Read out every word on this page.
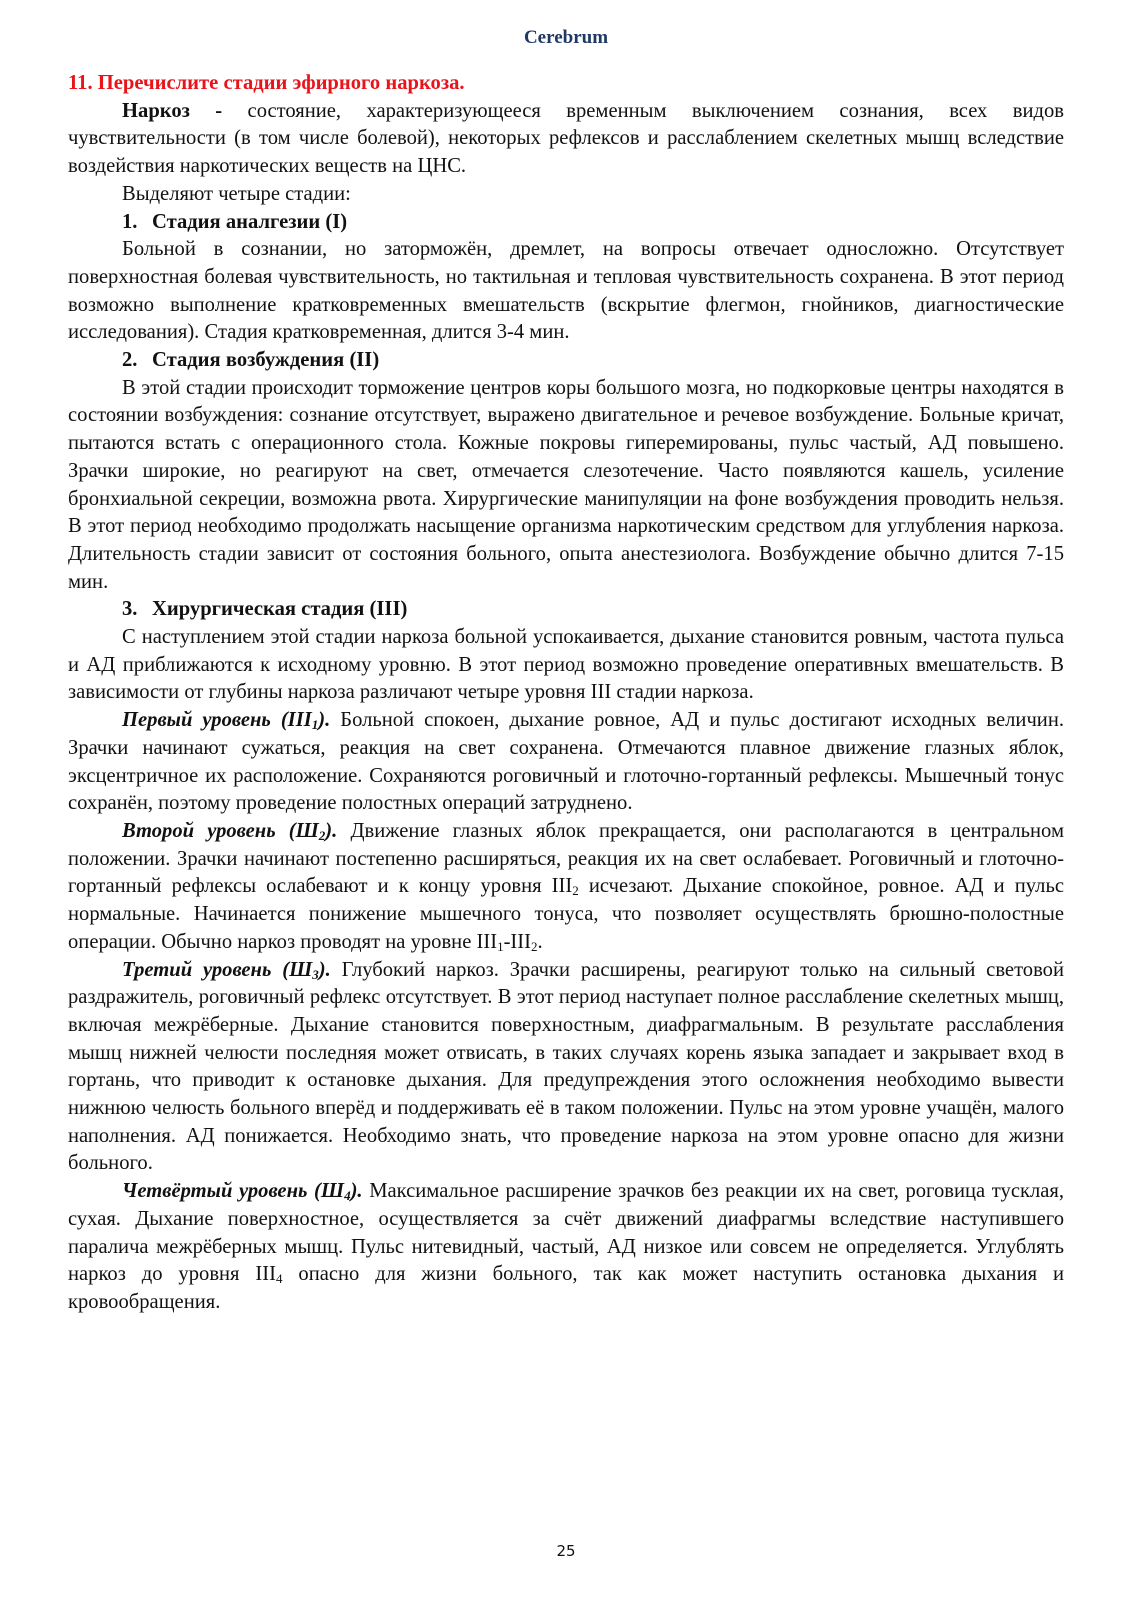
Cerebrum
11. Перечислите стадии эфирного наркоза.

Наркоз - состояние, характеризующееся временным выключением сознания, всех видов чувствительности (в том числе болевой), некоторых рефлексов и расслаблением скелетных мышц вследствие воздействия наркотических веществ на ЦНС.

Выделяют четыре стадии:

1. Стадия аналгезии (I)

Больной в сознании, но заторможён, дремлет, на вопросы отвечает односложно. Отсутствует поверхностная болевая чувствительность, но тактильная и тепловая чувствительность сохранена. В этот период возможно выполнение кратковременных вмешательств (вскрытие флегмон, гнойников, диагностические исследования). Стадия кратковременная, длится 3-4 мин.

2. Стадия возбуждения (II)

В этой стадии происходит торможение центров коры большого мозга, но подкорковые центры находятся в состоянии возбуждения: сознание отсутствует, выражено двигательное и речевое возбуждение. Больные кричат, пытаются встать с операционного стола. Кожные покровы гиперемированы, пульс частый, АД повышено. Зрачки широкие, но реагируют на свет, отмечается слезотечение. Часто появляются кашель, усиление бронхиальной секреции, возможна рвота. Хирургические манипуляции на фоне возбуждения проводить нельзя. В этот период необходимо продолжать насыщение организма наркотическим средством для углубления наркоза. Длительность стадии зависит от состояния больного, опыта анестезиолога. Возбуждение обычно длится 7-15 мин.

3. Хирургическая стадия (III)

С наступлением этой стадии наркоза больной успокаивается, дыхание становится ровным, частота пульса и АД приближаются к исходному уровню. В этот период возможно проведение оперативных вмешательств. В зависимости от глубины наркоза различают четыре уровня III стадии наркоза.

Первый уровень $(III_1)$. Больной спокоен, дыхание ровное, АД и пульс достигают исходных величин. Зрачки начинают сужаться, реакция на свет сохранена. Отмечаются плавное движение глазных яблок, эксцентричное их расположение. Сохраняются роговичный и глоточно-гортанный рефлексы. Мышечный тонус сохранён, поэтому проведение полостных операций затруднено.

Второй уровень $(Ш_2)$. Движение глазных яблок прекращается, они располагаются в центральном положении. Зрачки начинают постепенно расширяться, реакция их на свет ослабевает. Роговичный и глоточно-гортанный рефлексы ослабевают и к концу уровня $III_2$ исчезают. Дыхание спокойное, ровное. АД и пульс нормальные. Начинается понижение мышечного тонуса, что позволяет осуществлять брюшно-полостные операции. Обычно наркоз проводят на уровне $III_1-III_2$.

Третий уровень $(Ш_3)$. Глубокий наркоз. Зрачки расширены, реагируют только на сильный световой раздражитель, роговичный рефлекс отсутствует. В этот период наступает полное расслабление скелетных мышц, включая межрёберные. Дыхание становится поверхностным, диафрагмальным. В результате расслабления мышц нижней челюсти последняя может отвисать, в таких случаях корень языка западает и закрывает вход в гортань, что приводит к остановке дыхания. Для предупреждения этого осложнения необходимо вывести нижнюю челюсть больного вперёд и поддерживать её в таком положении. Пульс на этом уровне учащён, малого наполнения. АД понижается. Необходимо знать, что проведение наркоза на этом уровне опасно для жизни больного.

Четвёртый уровень $(Ш_4)$. Максимальное расширение зрачков без реакции их на свет, роговица тусклая, сухая. Дыхание поверхностное, осуществляется за счёт движений диафрагмы вследствие наступившего паралича межрёберных мышц. Пульс нитевидный, частый, АД низкое или совсем не определяется. Углублять наркоз до уровня $III_4$ опасно для жизни больного, так как может наступить остановка дыхания и кровообращения.

25
